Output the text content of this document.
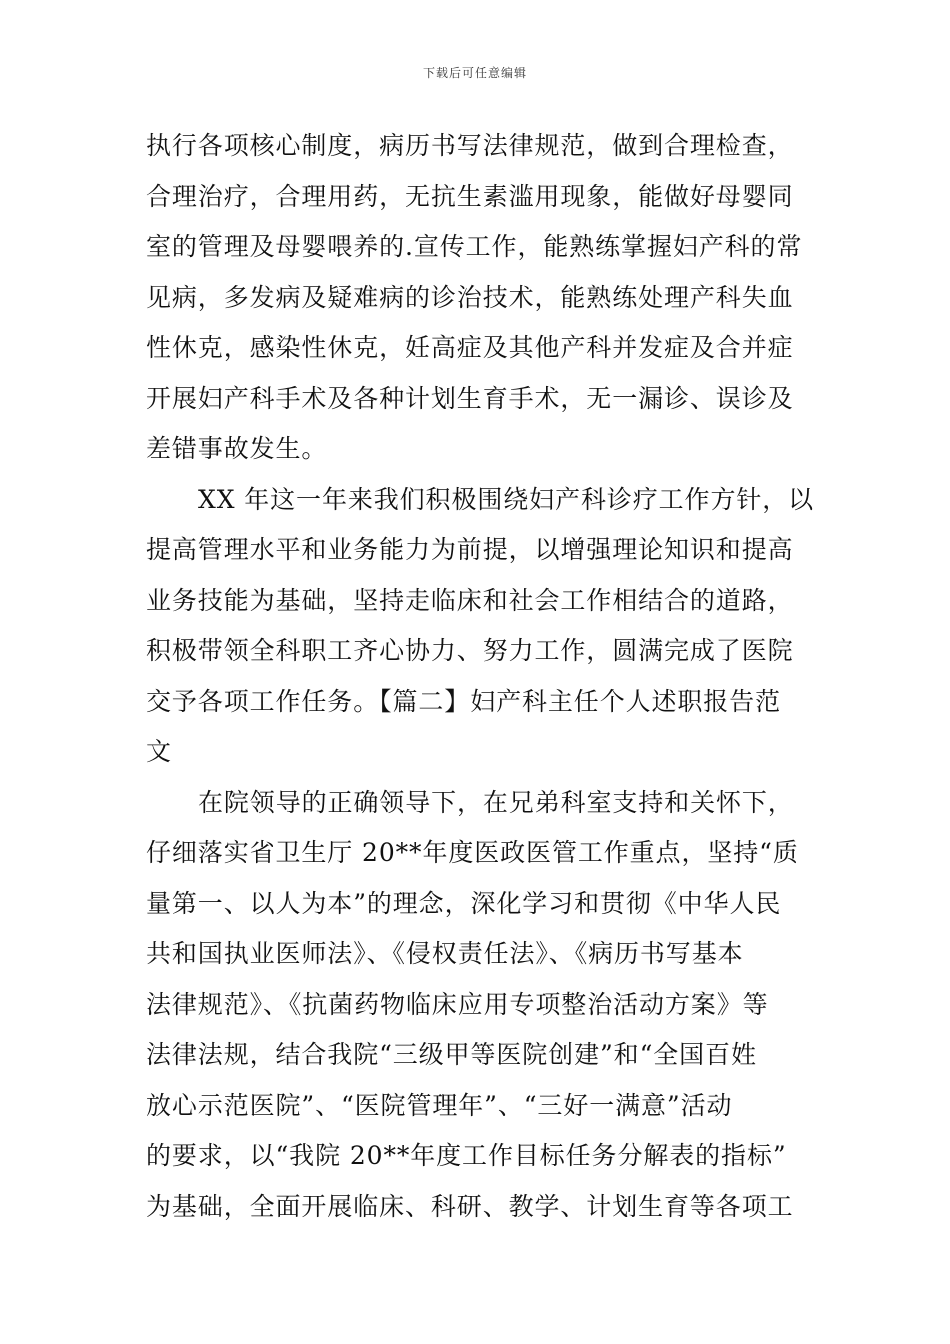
下载后可任意编辑
执行各项核心制度，病历书写法律规范，做到合理检查，
合理治疗，合理用药，无抗生素滥用现象，能做好母婴同
室的管理及母婴喂养的.宣传工作，能熟练掌握妇产科的常
见病，多发病及疑难病的诊治技术，能熟练处理产科失血
性休克，感染性休克，妊高症及其他产科并发症及合并症
开展妇产科手术及各种计划生育手术，无一漏诊、误诊及
差错事故发生。
XX 年这一年来我们积极围绕妇产科诊疗工作方针，以
提高管理水平和业务能力为前提，以增强理论知识和提高
业务技能为基础，坚持走临床和社会工作相结合的道路，
积极带领全科职工齐心协力、努力工作，圆满完成了医院
交予各项工作任务。【篇二】妇产科主任个人述职报告范
文
在院领导的正确领导下，在兄弟科室支持和关怀下，
仔细落实省卫生厅 20**年度医政医管工作重点，坚持“质
量第一、以人为本”的理念，深化学习和贯彻《中华人民
共和国执业医师法》、《侵权责任法》、《病历书写基本
法律规范》、《抗菌药物临床应用专项整治活动方案》等
法律法规，结合我院“三级甲等医院创建”和“全国百姓
放心示范医院”、“医院管理年”、“三好一满意”活动
的要求，以“我院 20**年度工作目标任务分解表的指标”
为基础，全面开展临床、科研、教学、计划生育等各项工
